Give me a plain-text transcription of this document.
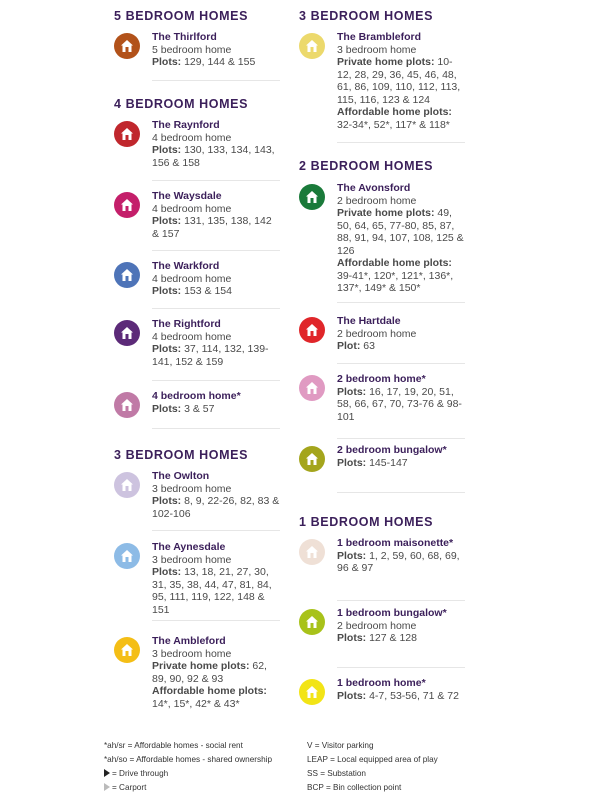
5 BEDROOM HOMES
The Thirlford
5 bedroom home
Plots: 129, 144 & 155
4 BEDROOM HOMES
The Raynford
4 bedroom home
Plots: 130, 133, 134, 143, 156 & 158
The Waysdale
4 bedroom home
Plots: 131, 135, 138, 142 & 157
The Warkford
4 bedroom home
Plots: 153 & 154
The Rightford
4 bedroom home
Plots: 37, 114, 132, 139-141, 152 & 159
4 bedroom home*
Plots: 3 & 57
3 BEDROOM HOMES
The Owlton
3 bedroom home
Plots: 8, 9, 22-26, 82, 83 & 102-106
The Aynesdale
3 bedroom home
Plots: 13, 18, 21, 27, 30, 31, 35, 38, 44, 47, 81, 84, 95, 111, 119, 122, 148 & 151
The Ambleford
3 bedroom home
Private home plots: 62, 89, 90, 92 & 93
Affordable home plots: 14*, 15*, 42* & 43*
3 BEDROOM HOMES
The Brambleford
3 bedroom home
Private home plots: 10-12, 28, 29, 36, 45, 46, 48, 61, 86, 109, 110, 112, 113, 115, 116, 123 & 124
Affordable home plots: 32-34*, 52*, 117* & 118*
2 BEDROOM HOMES
The Avonsford
2 bedroom home
Private home plots: 49, 50, 64, 65, 77-80, 85, 87, 88, 91, 94, 107, 108, 125 & 126
Affordable home plots: 39-41*, 120*, 121*, 136*, 137*, 149* & 150*
The Hartdale
2 bedroom home
Plot: 63
2 bedroom home*
Plots: 16, 17, 19, 20, 51, 58, 66, 67, 70, 73-76 & 98-101
2 bedroom bungalow*
Plots: 145-147
1 BEDROOM HOMES
1 bedroom maisonette*
Plots: 1, 2, 59, 60, 68, 69, 96 & 97
1 bedroom bungalow*
2 bedroom home
Plots: 127 & 128
1 bedroom home*
Plots: 4-7, 53-56, 71 & 72
*ah/sr = Affordable homes - social rent
*ah/so = Affordable homes - shared ownership
= Drive through
= Carport
V = Visitor parking
LEAP = Local equipped area of play
SS = Substation
BCP = Bin collection point
